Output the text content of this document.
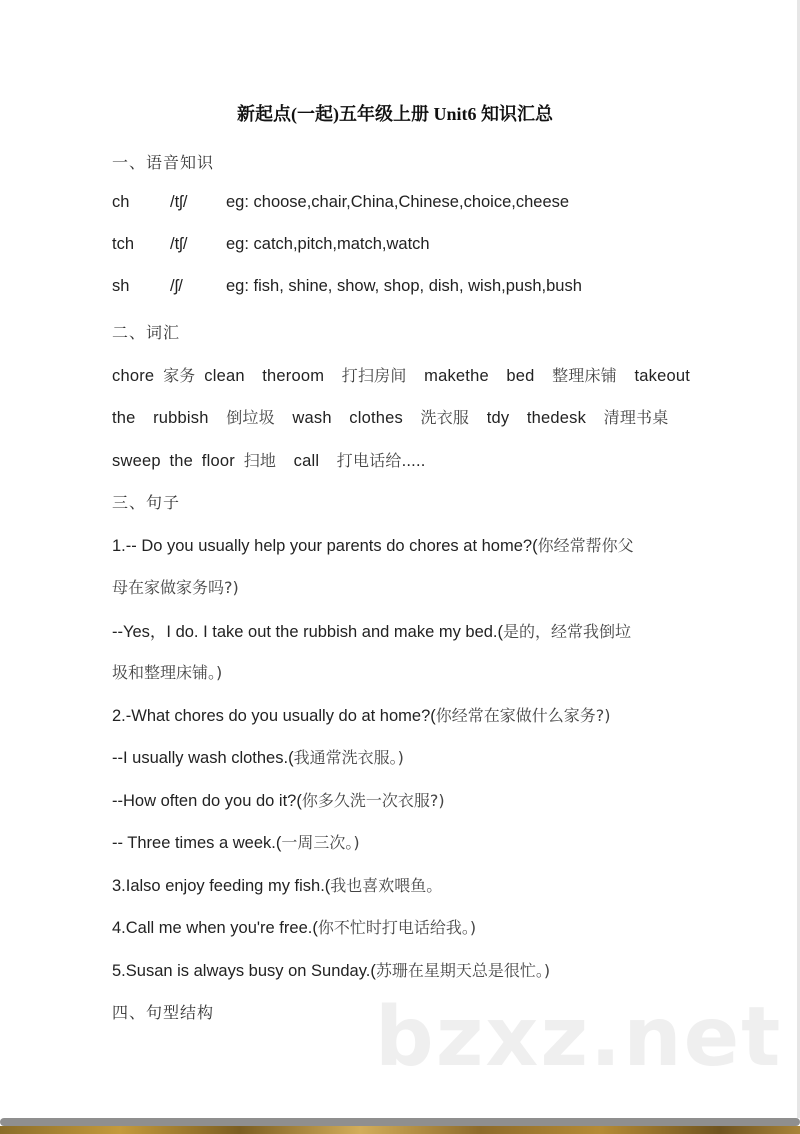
新起点(一起)五年级上册 Unit6 知识汇总
一、语音知识
ch /tʃ/ eg: choose,chair,China,Chinese,choice,cheese
tch /tʃ/ eg: catch,pitch,match,watch
sh /ʃ/	eg: fish, shine, show, shop, dish, wish,push,bush
二、词汇
chore 家务 clean  theroom  打扫房间  makethe  bed  整理床铺  takeout
the  rubbish  倒垃圾  wash  clothes  洗衣服  tdy  thedesk  清理书桌
sweep the floor 扫地  call  打电话给.....
三、句子
1.-- Do you usually help your parents do chores at home?(你经常帮你父
母在家做家务吗?)
--Yes，I do. I take out the rubbish and make my bed.(是的，经常我倒垃
圾和整理床铺。)
2.-What chores do you usually do at home?(你经常在家做什么家务?)
--I usually wash clothes.(我通常洗衣服。)
--How often do you do it?(你多久洗一次衣服?)
-- Three times a week.(一周三次。)
3.Ialso enjoy feeding my fish.(我也喜欢喂鱼。
4.Call me when you're free.(你不忙时打电话给我。)
5.Susan is always busy on Sunday.(苏珊在星期天总是很忙。)
bzxz.net
四、句型结构
